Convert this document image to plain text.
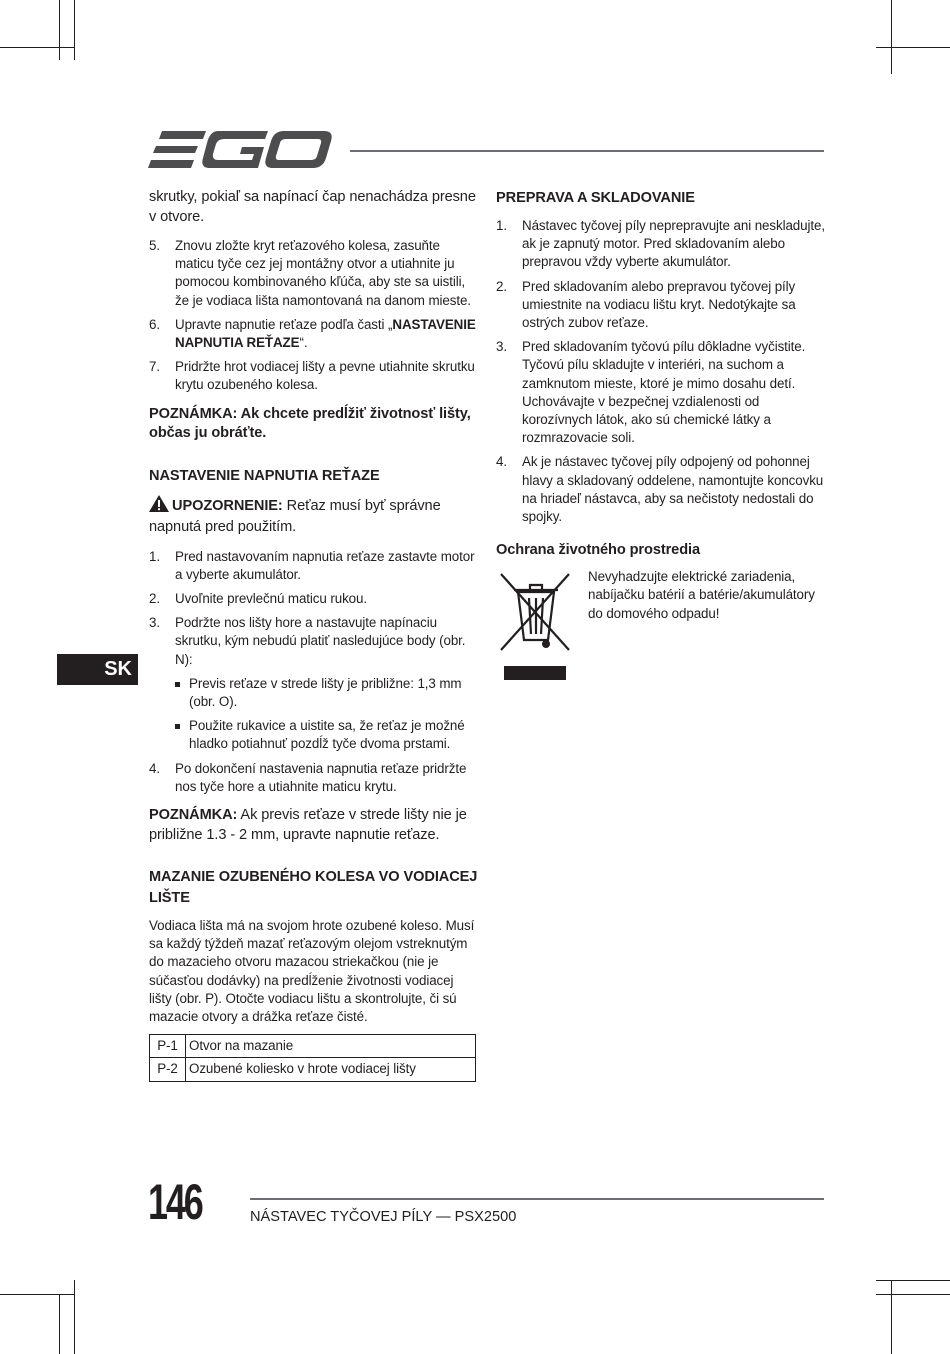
skrutky, pokiaľ sa napínací čap nenachádza presne v otvore.

5. Znovu zložte kryt reťazového kolesa, zasuňte maticu tyče cez jej montážny otvor a utiahnite ju pomocou kombinovaného kľúča, aby ste sa uistili, že je vodiaca lišta namontovaná na danom mieste.
6. Upravte napnutie reťaze podľa časti „NASTAVENIE NAPNUTIA REŤAZE“.
7. Pridržte hrot vodiacej lišty a pevne utiahnite skrutku krytu ozubeného kolesa.

POZNÁMKA: Ak chcete predĺžiť životnosť lišty, občas ju obráťte.

NASTAVENIE NAPNUTIA REŤAZE

UPOZORNENIE: Reťaz musí byť správne napnutá pred použitím.

1. Pred nastavovaním napnutia reťaze zastavte motor a vyberte akumulátor.
2. Uvoľnite prevlečnú maticu rukou.
3. Podržte nos lišty hore a nastavujte napínaciu skrutku, kým nebudú platiť nasledujúce body (obr. N):
Previs reťaze v strede lišty je približne: 1,3 mm (obr. O).
Použite rukavice a uistite sa, že reťaz je možné hladko potiahnuť pozdĺž tyče dvoma prstami.
4. Po dokončení nastavenia napnutia reťaze pridržte nos tyče hore a utiahnite maticu krytu.

POZNÁMKA: Ak previs reťaze v strede lišty nie je približne 1.3 - 2 mm, upravte napnutie reťaze.

MAZANIE OZUBENÉHO KOLESA VO VODIACEJ LIŠTE

Vodiaca lišta má na svojom hrote ozubené koleso. Musí sa každý týždeň mazať reťazovým olejom vstreknutým do mazacieho otvoru mazacou striekačkou (nie je súčasťou dodávky) na predĺženie životnosti vodiacej lišty (obr. P). Otočte vodiacu lištu a skontrolujte, či sú mazacie otvory a drážka reťaze čisté.

P-1	Otvor na mazanie
P-2	Ozubené koliesko v hrote vodiacej lišty
PREPRAVA A SKLADOVANIE
1. Nástavec tyčovej píly neprepravujte ani neskladujte, ak je zapnutý motor. Pred skladovaním alebo prepravou vždy vyberte akumulátor.
2. Pred skladovaním alebo prepravou tyčovej píly umiestnite na vodiacu lištu kryt. Nedotýkajte sa ostrých zubov reťaze.
3. Pred skladovaním tyčovú pílu dôkladne vyčistite. Tyčovú pílu skladujte v interiéri, na suchom a zamknutom mieste, ktoré je mimo dosahu detí. Uchovávajte v bezpečnej vzdialenosti od korozívnych látok, ako sú chemické látky a rozmrazovacie soli.
4. Ak je nástavec tyčovej píly odpojený od pohonnej hlavy a skladovaný oddelene, namontujte koncovku na hriadeľ nástavca, aby sa nečistoty nedostali do spojky.
Ochrana životného prostredia

Nevyhadzujte elektrické zariadenia, nabíjačku batérií a batérie/akumulátory do domového odpadu!

SK
146	NÁSTAVEC TYČOVEJ PÍLY — PSX2500
